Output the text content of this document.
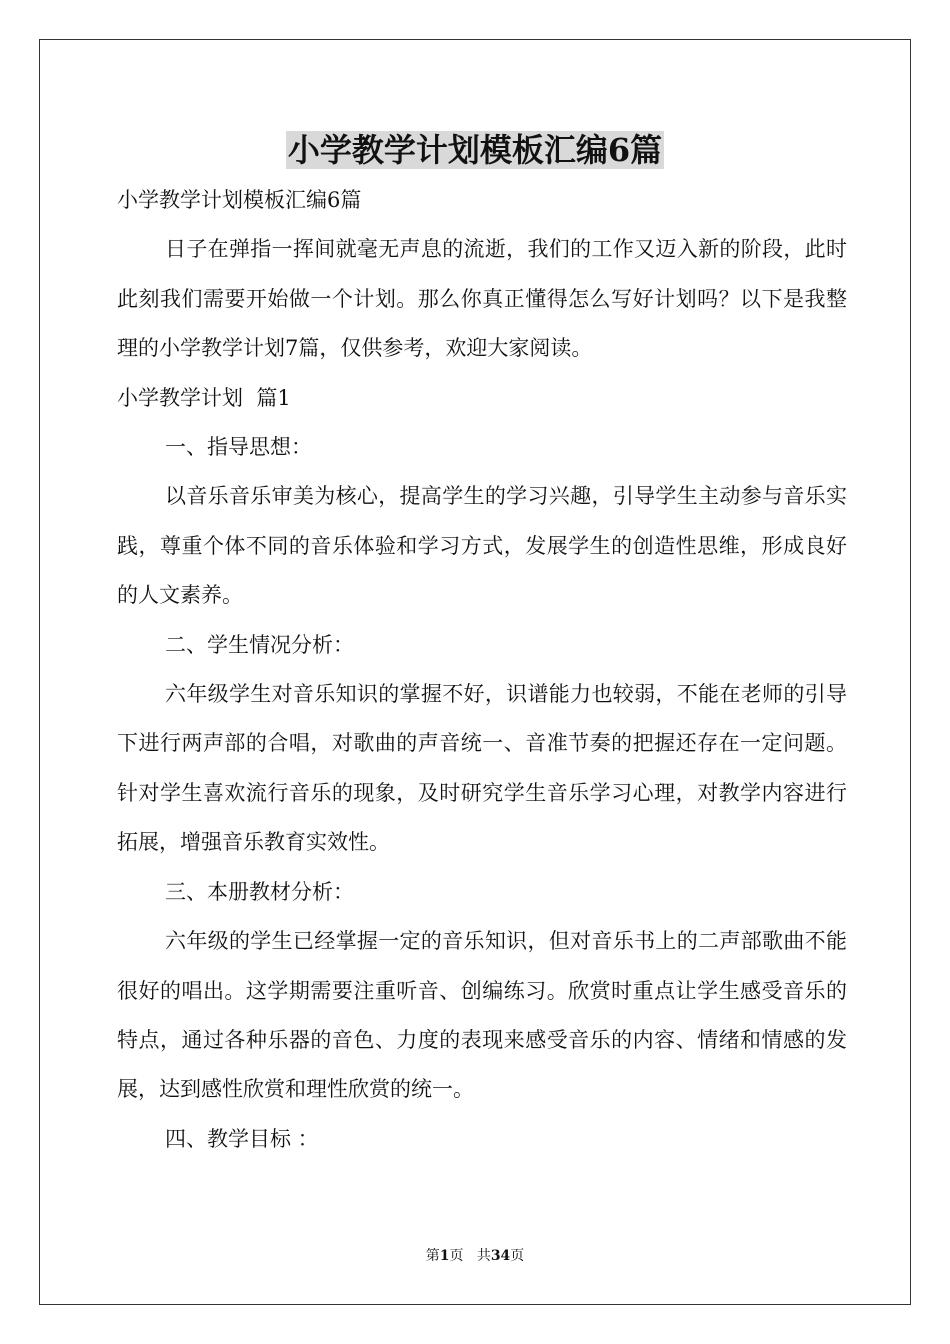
小学教学计划模板汇编6篇

小学教学计划模板汇编6篇

日子在弹指一挥间就毫无声息的流逝，我们的工作又迈入新的阶段，此时此刻我们需要开始做一个计划。那么你真正懂得怎么写好计划吗？以下是我整理的小学教学计划7篇，仅供参考，欢迎大家阅读。

小学教学计划  篇1

一、指导思想：

以音乐音乐审美为核心，提高学生的学习兴趣，引导学生主动参与音乐实践，尊重个体不同的音乐体验和学习方式，发展学生的创造性思维，形成良好的人文素养。

二、学生情况分析：

六年级学生对音乐知识的掌握不好，识谱能力也较弱，不能在老师的引导下进行两声部的合唱，对歌曲的声音统一、音准节奏的把握还存在一定问题。针对学生喜欢流行音乐的现象，及时研究学生音乐学习心理，对教学内容进行拓展，增强音乐教育实效性。

三、本册教材分析：

六年级的学生已经掌握一定的音乐知识，但对音乐书上的二声部歌曲不能很好的唱出。这学期需要注重听音、创编练习。欣赏时重点让学生感受音乐的特点，通过各种乐器的音色、力度的表现来感受音乐的内容、情绪和情感的发展，达到感性欣赏和理性欣赏的统一。

四、教学目标 ：

第1页 共34页
